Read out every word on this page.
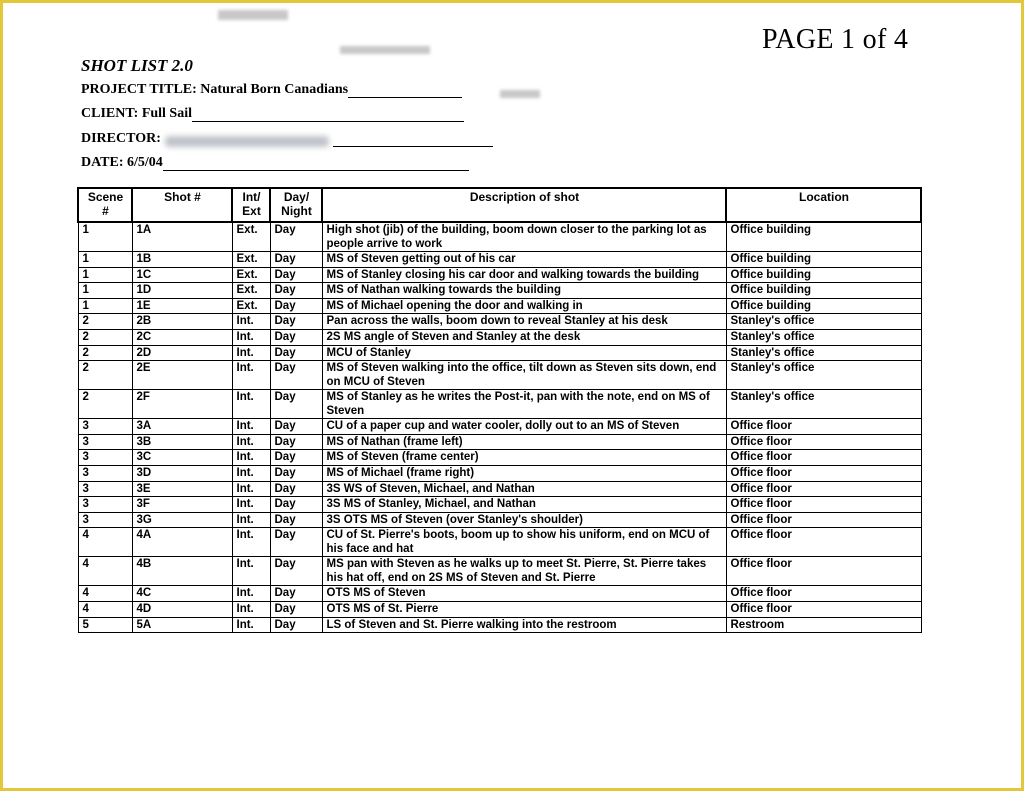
PAGE 1 of 4
SHOT LIST 2.0
PROJECT TITLE:
Natural Born Canadians
CLIENT:
Full Sail
DIRECTOR:
DATE:
6/5/04
Scene #	Shot #	Int/ Ext	Day/ Night	Description of shot	Location
1	1A	Ext.	Day	High shot (jib) of the building, boom down closer to the parking lot as people arrive to work	Office building
1	1B	Ext.	Day	MS of Steven getting out of his car	Office building
1	1C	Ext.	Day	MS of Stanley closing his car door and walking towards the building	Office building
1	1D	Ext.	Day	MS of Nathan walking towards the building	Office building
1	1E	Ext.	Day	MS of Michael opening the door and walking in	Office building
2	2B	Int.	Day	Pan across the walls, boom down to reveal Stanley at his desk	Stanley's office
2	2C	Int.	Day	2S MS angle of Steven and Stanley at the desk	Stanley's office
2	2D	Int.	Day	MCU of Stanley	Stanley's office
2	2E	Int.	Day	MS of Steven walking into the office, tilt down as Steven sits down, end on MCU of Steven	Stanley's office
2	2F	Int.	Day	MS of Stanley as he writes the Post-it, pan with the note, end on MS of Steven	Stanley's office
3	3A	Int.	Day	CU of a paper cup and water cooler, dolly out to an MS of Steven	Office floor
3	3B	Int.	Day	MS of Nathan (frame left)	Office floor
3	3C	Int.	Day	MS of Steven (frame center)	Office floor
3	3D	Int.	Day	MS of Michael (frame right)	Office floor
3	3E	Int.	Day	3S WS of Steven, Michael, and Nathan	Office floor
3	3F	Int.	Day	3S MS of Stanley, Michael, and Nathan	Office floor
3	3G	Int.	Day	3S OTS MS of Steven (over Stanley's shoulder)	Office floor
4	4A	Int.	Day	CU of St. Pierre's boots, boom up to show his uniform, end on MCU of his face and hat	Office floor
4	4B	Int.	Day	MS pan with Steven as he walks up to meet St. Pierre, St. Pierre takes his hat off, end on 2S MS of Steven and St. Pierre	Office floor
4	4C	Int.	Day	OTS MS of Steven	Office floor
4	4D	Int.	Day	OTS MS of St. Pierre	Office floor
5	5A	Int.	Day	LS of Steven and St. Pierre walking into the restroom	Restroom
